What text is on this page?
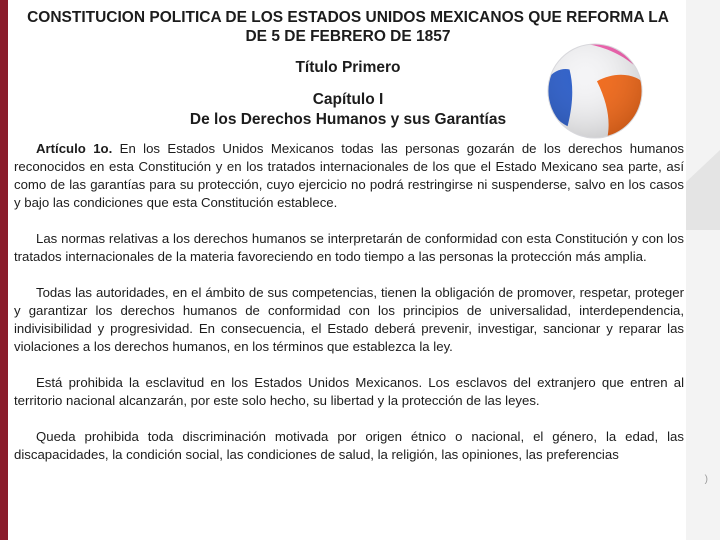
)
CONSTITUCION POLITICA DE LOS ESTADOS UNIDOS MEXICANOS QUE REFORMA LA DE 5 DE FEBRERO DE 1857
Título Primero
Capítulo I
De los Derechos Humanos y sus Garantías

Artículo 1o. En los Estados Unidos Mexicanos todas las personas gozarán de los derechos humanos reconocidos en esta Constitución y en los tratados internacionales de los que el Estado Mexicano sea parte, así como de las garantías para su protección, cuyo ejercicio no podrá restringirse ni suspenderse, salvo en los casos y bajo las condiciones que esta Constitución establece.

Las normas relativas a los derechos humanos se interpretarán de conformidad con esta Constitución y con los tratados internacionales de la materia favoreciendo en todo tiempo a las personas la protección más amplia.

Todas las autoridades, en el ámbito de sus competencias, tienen la obligación de promover, respetar, proteger y garantizar los derechos humanos de conformidad con los principios de universalidad, interdependencia, indivisibilidad y progresividad. En consecuencia, el Estado deberá prevenir, investigar, sancionar y reparar las violaciones a los derechos humanos, en los términos que establezca la ley.

Está prohibida la esclavitud en los Estados Unidos Mexicanos. Los esclavos del extranjero que entren al territorio nacional alcanzarán, por este solo hecho, su libertad y la protección de las leyes.

Queda prohibida toda discriminación motivada por origen étnico o nacional, el género, la edad, las discapacidades, la condición social, las condiciones de salud, la religión, las opiniones, las preferencias
